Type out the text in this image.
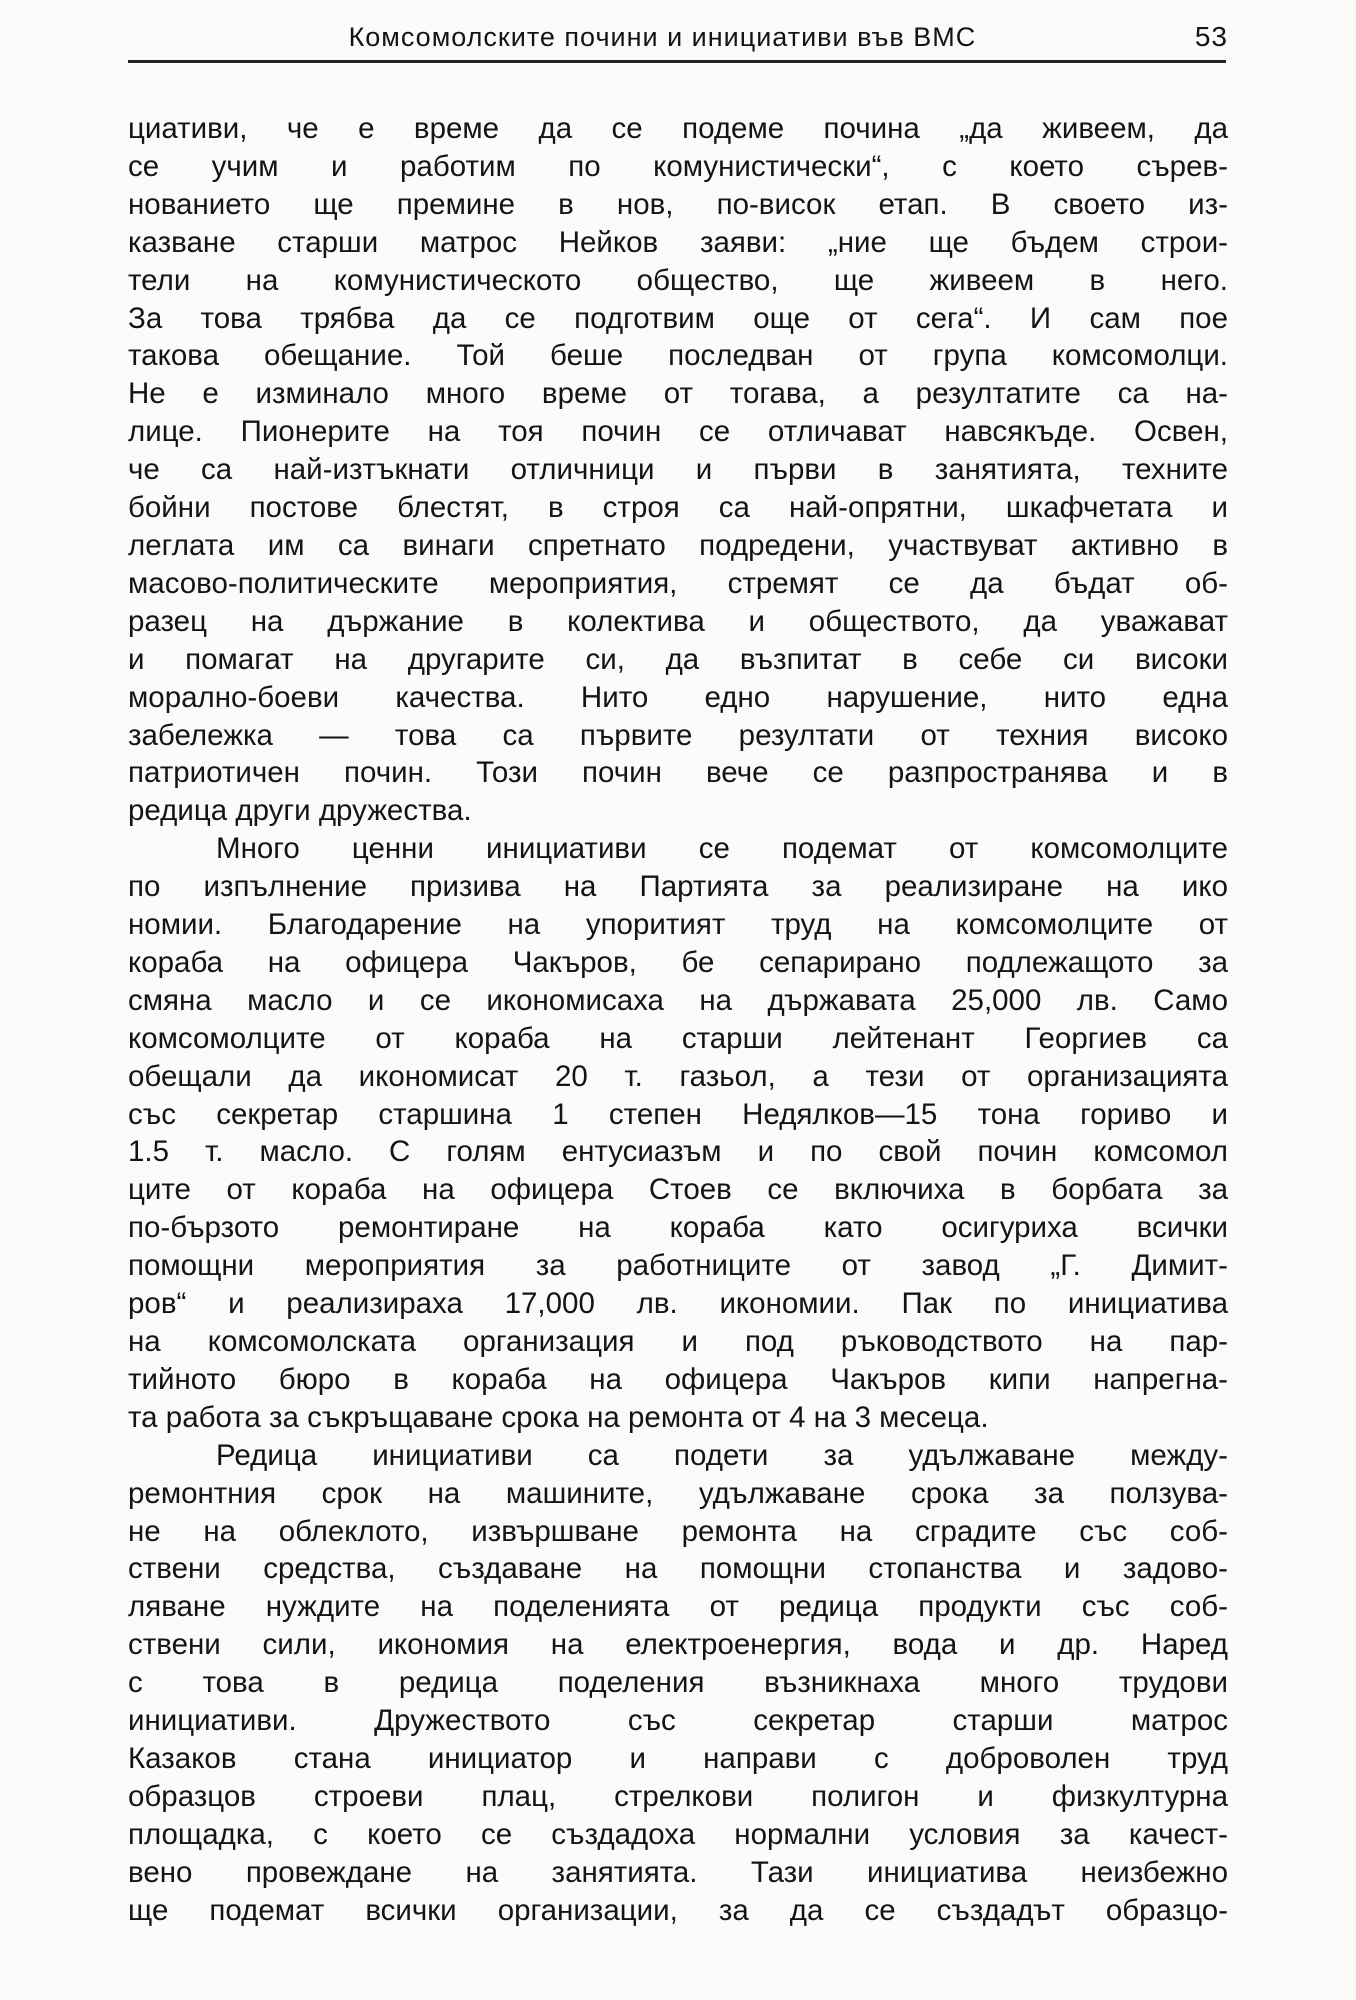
Комсомолските почини и инициативи във ВМС	53
циативи, че е време да се подеме почина „да живеем, да
се учим и работим по комунистически“, с което сърев-
нованието ще премине в нов, по-висок етап. В своето из-
казване старши матрос Нейков заяви: „ние ще бъдем строи-
тели на комунистическото общество, ще живеем в него.
За това трябва да се подготвим още от сега“. И сам пое
такова обещание. Той беше последван от група комсомолци.
Не е изминало много време от тогава, а резултатите са на-
лице. Пионерите на тоя почин се отличават навсякъде. Освен,
че са най-изтъкнати отличници и първи в занятията, техните
бойни постове блестят, в строя са най-опрятни, шкафчетата и
леглата им са винаги спретнато подредени, участвуват активно в
масово-политическите мероприятия, стремят се да бъдат об-
разец на държание в колектива и обществото, да уважават
и помагат на другарите си, да възпитат в себе си високи
морално-боеви качества. Нито едно нарушение, нито една
забележка — това са първите резултати от техния високо
патриотичен почин. Този почин вече се разпространява и в
редица други дружества.
Много ценни инициативи се подемат от комсомолците
по изпълнение призива на Партията за реализиране на ико
номии. Благодарение на упоритият труд на комсомолците от
кораба на офицера Чакъров, бе сепарирано подлежащото за
смяна масло и се икономисаха на държавата 25,000 лв. Само
комсомолците от кораба на старши лейтенант Георгиев са
обещали да икономисат 20 т. газьол, а тези от организацията
със секретар старшина 1 степен Недялков—15 тона гориво и
1.5 т. масло. С голям ентусиазъм и по свой почин комсомол
ците от кораба на офицера Стоев се включиха в борбата за
по-бързото ремонтиране на кораба като осигуриха всички
помощни мероприятия за работниците от завод „Г. Димит-
ров“ и реализираха 17,000 лв. икономии. Пак по инициатива
на комсомолската организация и под ръководството на пар-
тийното бюро в кораба на офицера Чакъров кипи напрегна-
та работа за съкръщаване срока на ремонта от 4 на 3 месеца.
Редица инициативи са подети за удължаване между-
ремонтния срок на машините, удължаване срока за ползува-
не на облеклото, извършване ремонта на сградите със соб-
ствени средства, създаване на помощни стопанства и задово-
ляване нуждите на поделенията от редица продукти със соб-
ствени сили, икономия на електроенергия, вода и др. Наред
с това в редица поделения възникнаха много трудови
инициативи. Дружеството със секретар старши матрос
Казаков стана инициатор и направи с доброволен труд
образцов строеви плац, стрелкови полигон и физкултурна
площадка, с което се създадоха нормални условия за качест-
вено провеждане на занятията. Тази инициатива неизбежно
ще подемат всички организации, за да се създадът образцо-
